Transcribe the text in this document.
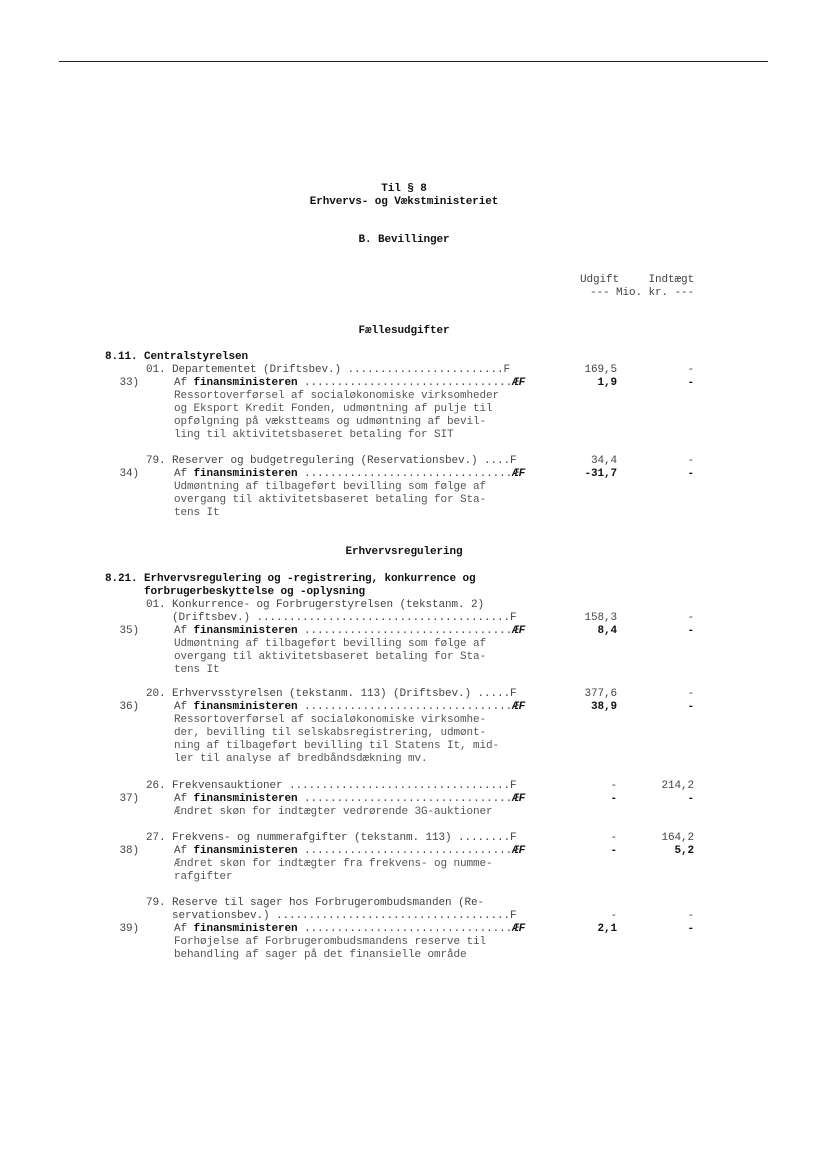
Til § 8
Erhvervs- og Vækstministeriet
B. Bevillinger
Udgift	Indtægt
--- Mio. kr. ---
Fællesudgifter
8.11. Centralstyrelsen
01. Departementet (Driftsbev.) ........................F	169,5	-
33)	Af finansministeren ................................ÆF	1,9	-
Ressortoverførsel af socialøkonomiske virksomheder
og Eksport Kredit Fonden, udmøntning af pulje til
opfølgning på vækstteams og udmøntning af bevil-
ling til aktivitetsbaseret betaling for SIT
79. Reserver og budgetregulering (Reservationsbev.) ....F	34,4	-
34)	Af finansministeren ................................ÆF	-31,7	-
Udmøntning af tilbageført bevilling som følge af
overgang til aktivitetsbaseret betaling for Sta-
tens It
Erhvervsregulering
8.21. Erhvervsregulering og -registrering, konkurrence og
forbrugerbeskyttelse og -oplysning
01. Konkurrence- og Forbrugerstyrelsen (tekstanm. 2)
(Driftsbev.) .......................................F	158,3	-
35)	Af finansministeren ................................ÆF	8,4	-
Udmøntning af tilbageført bevilling som følge af
overgang til aktivitetsbaseret betaling for Sta-
tens It
20. Erhvervsstyrelsen (tekstanm. 113) (Driftsbev.) .....F	377,6	-
36)	Af finansministeren ................................ÆF	38,9	-
Ressortoverførsel af socialøkonomiske virksomhe-
der, bevilling til selskabsregistrering, udmønt-
ning af tilbageført bevilling til Statens It, mid-
ler til analyse af bredbåndsdækning mv.
26. Frekvensauktioner ..................................F	-	214,2
37)	Af finansministeren ................................ÆF	-	-
Ændret skøn for indtægter vedrørende 3G-auktioner
27. Frekvens- og nummerafgifter (tekstanm. 113) ........F	-	164,2
38)	Af finansministeren ................................ÆF	-	5,2
Ændret skøn for indtægter fra frekvens- og numme-
rafgifter
79. Reserve til sager hos Forbrugerombudsmanden (Re-
servationsbev.) ....................................F	-	-
39)	Af finansministeren ................................ÆF	2,1	-
Forhøjelse af Forbrugerombudsmandens reserve til
behandling af sager på det finansielle område
